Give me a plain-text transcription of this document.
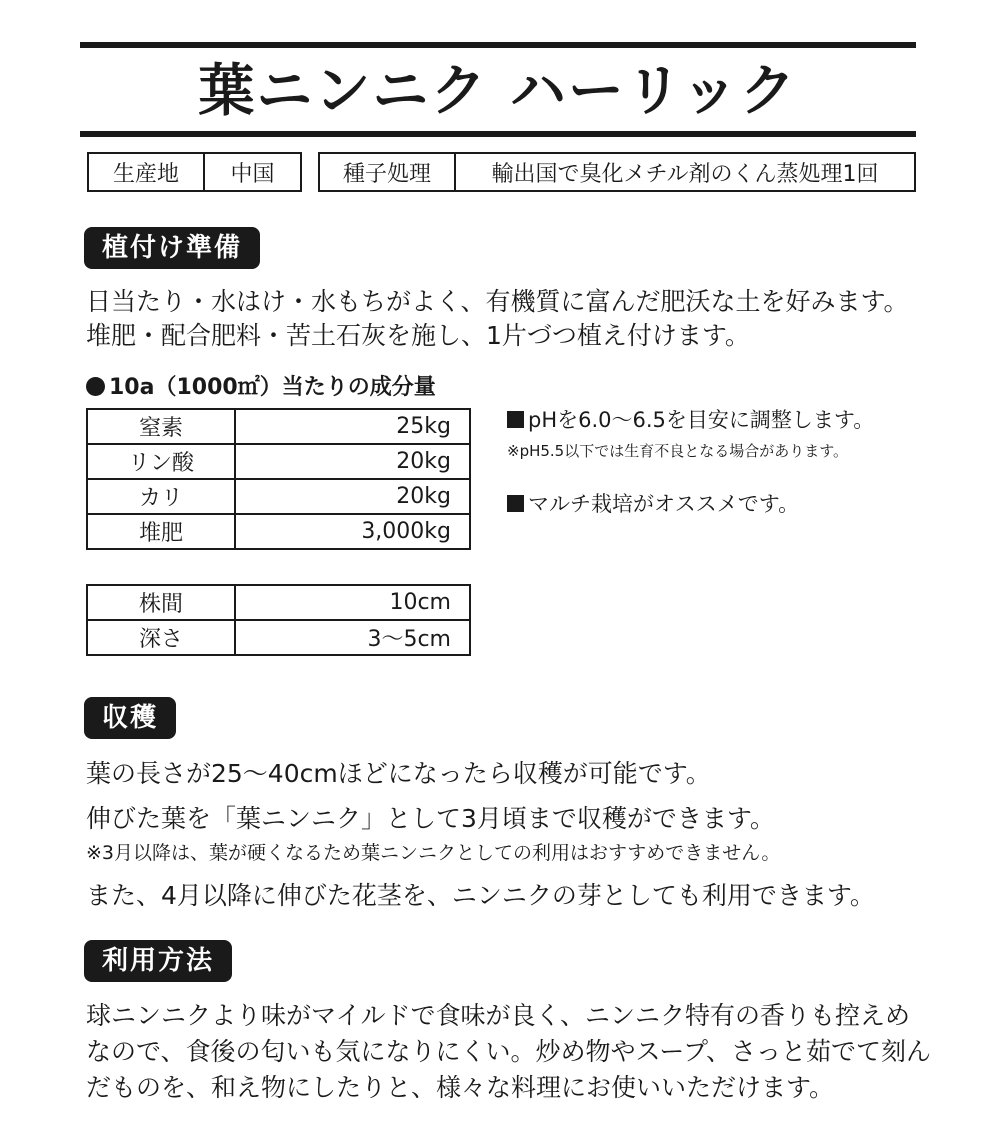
葉ニンニク ハーリック
生産地	中国	種子処理	輸出国で臭化メチル剤のくん蒸処理1回
植付け準備
日当たり・水はけ・水もちがよく、有機質に富んだ肥沃な土を好みます。
堆肥・配合肥料・苦土石灰を施し、1片づつ植え付けます。
10a（1000㎡）当たりの成分量
窒素	25kg
リン酸	20kg
カリ	20kg
堆肥	3,000kg
株間	10cm
深さ	3〜5cm
pHを6.0〜6.5を目安に調整します。
※pH5.5以下では生育不良となる場合があります。
マルチ栽培がオススメです。
収穫
葉の長さが25〜40cmほどになったら収穫が可能です。
伸びた葉を「葉ニンニク」として3月頃まで収穫ができます。
※3月以降は、葉が硬くなるため葉ニンニクとしての利用はおすすめできません。
また、4月以降に伸びた花茎を、ニンニクの芽としても利用できます。
利用方法
球ニンニクより味がマイルドで食味が良く、ニンニク特有の香りも控えめ
なので、食後の匂いも気になりにくい。炒め物やスープ、さっと茹でて刻ん
だものを、和え物にしたりと、様々な料理にお使いいただけます。
